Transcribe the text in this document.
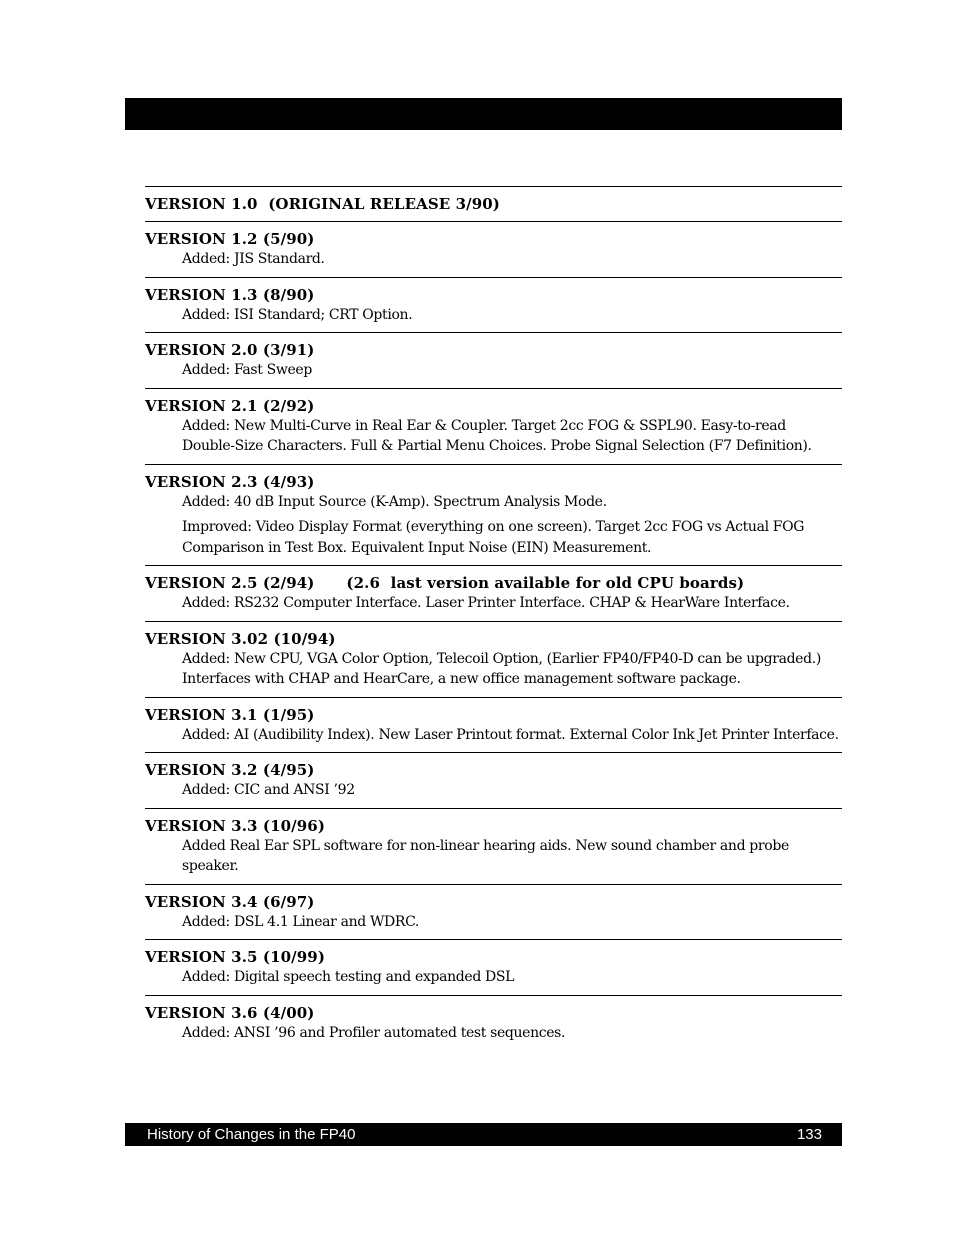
Appendix C:  History of Changes

VERSION 1.0  (ORIGINAL RELEASE 3/90)
VERSION 1.2 (5/90)
Added: JIS Standard.
VERSION 1.3 (8/90)
Added: ISI Standard; CRT Option.
VERSION 2.0 (3/91)
Added: Fast Sweep
VERSION 2.1 (2/92)
Added: New Multi-Curve in Real Ear & Coupler. Target 2cc FOG & SSPL90. Easy-to-read Double-Size Characters. Full & Partial Menu Choices. Probe Signal Selection (F7 Definition).
VERSION 2.3 (4/93)
Added: 40 dB Input Source (K-Amp). Spectrum Analysis Mode.
Improved: Video Display Format (everything on one screen). Target 2cc FOG vs Actual FOG Comparison in Test Box. Equivalent Input Noise (EIN) Measurement.
VERSION 2.5 (2/94)      (2.6  last version available for old CPU boards)
Added: RS232 Computer Interface. Laser Printer Interface. CHAP & HearWare Interface.
VERSION 3.02 (10/94)
Added: New CPU, VGA Color Option, Telecoil Option, (Earlier FP40/FP40-D can be upgraded.) Interfaces with CHAP and HearCare, a new office management software package.
VERSION 3.1 (1/95)
Added: AI (Audibility Index). New Laser Printout format. External Color Ink Jet Printer Interface.
VERSION 3.2 (4/95)
Added: CIC and ANSI ’92
VERSION 3.3 (10/96)
Added Real Ear SPL software for non-linear hearing aids. New sound chamber and probe speaker.
VERSION 3.4 (6/97)
Added: DSL 4.1 Linear and WDRC.
VERSION 3.5 (10/99)
Added: Digital speech testing and expanded DSL
VERSION 3.6 (4/00)
Added: ANSI ’96 and Profiler automated test sequences.
History of Changes in the FP40	133
